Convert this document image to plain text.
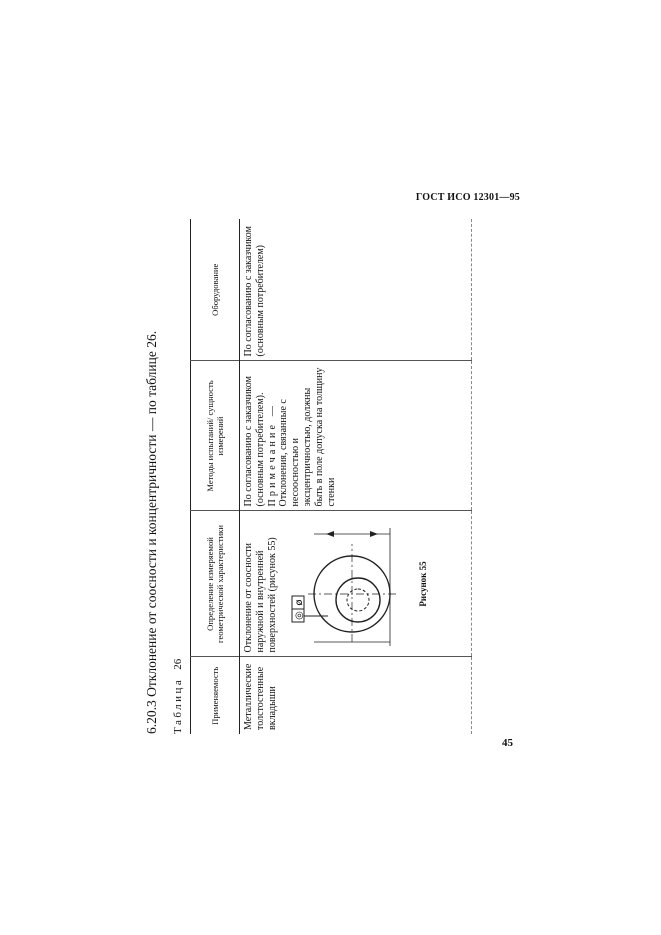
ГОСТ ИСО 12301—95
6.20.3 Отклонение от соосности и концентричности — по таблице 26. Таблица26
Применяемость	Определение измеряемой геометрической характеристики	Методы испытаний/ сущность измерений	Оборудование

Металлические толстостенные вкладыши	Отклонение от соосности наружной и внутренней поверхностей (рисунок 55) ◎
ø Рисунок 55	По согласованию с заказчиком (основным потребителем). Примечание — Отклонения, связанные с несоосностью и эксцентричностью, должны быть в поле допуска на толщину стенки	По согласованию с заказчиком (основным потребителем)
45
